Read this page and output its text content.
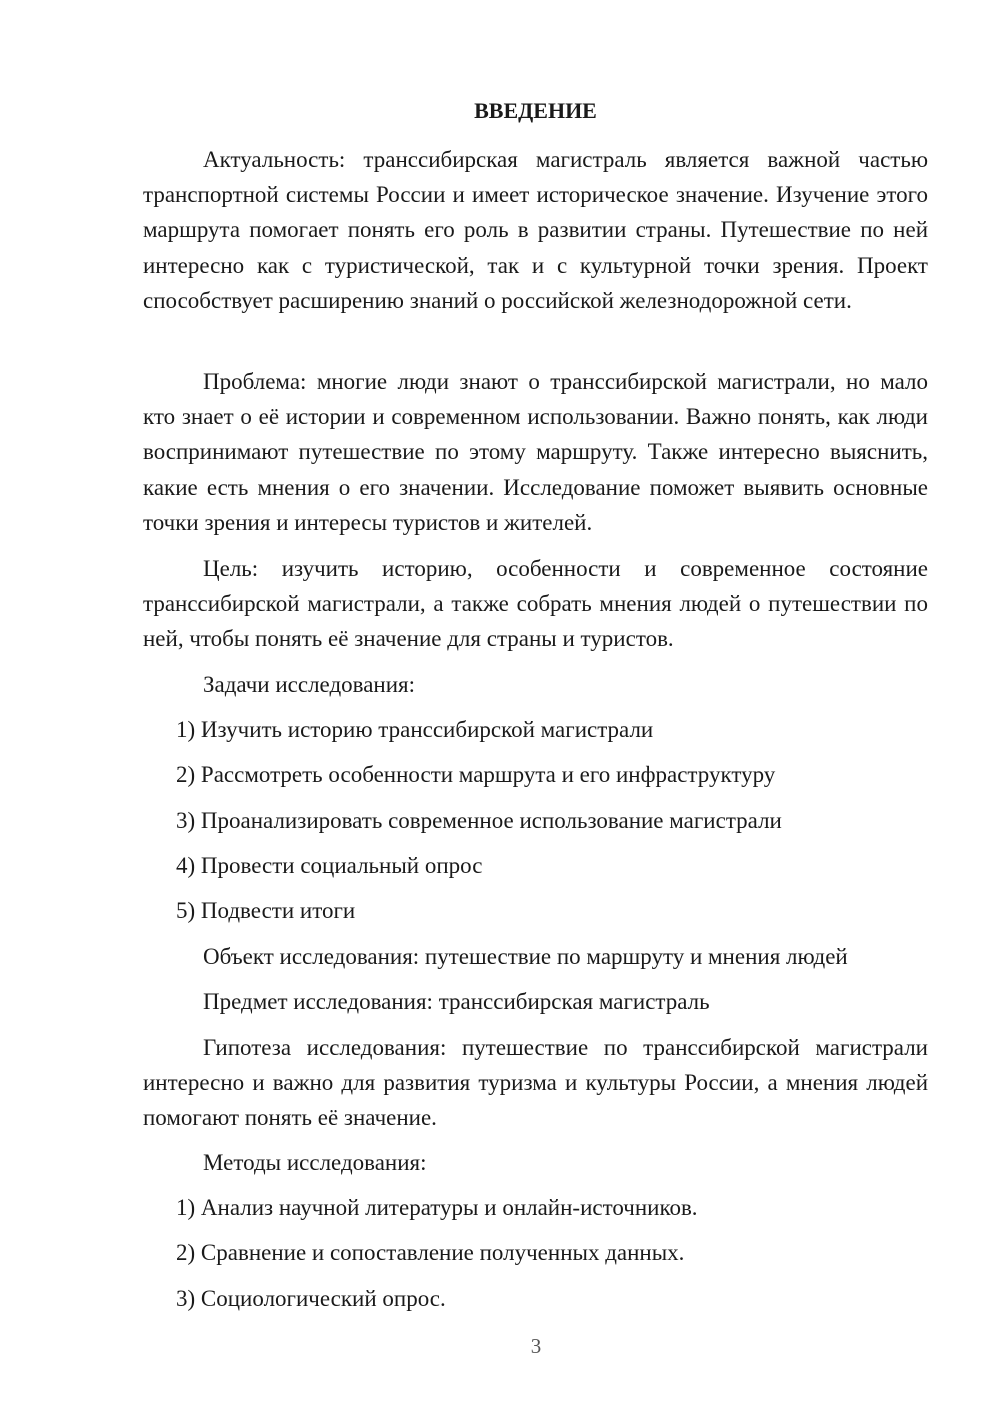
ВВЕДЕНИЕ

Актуальность: транссибирская магистраль является важной частью транспортной системы России и имеет историческое значение. Изучение этого маршрута помогает понять его роль в развитии страны. Путешествие по ней интересно как с туристической, так и с культурной точки зрения. Проект способствует расширению знаний о российской железнодорожной сети.

Проблема: многие люди знают о транссибирской магистрали, но мало кто знает о её истории и современном использовании. Важно понять, как люди воспринимают путешествие по этому маршруту. Также интересно выяснить, какие есть мнения о его значении. Исследование поможет выявить основные точки зрения и интересы туристов и жителей.

Цель: изучить историю, особенности и современное состояние транссибирской магистрали, а также собрать мнения людей о путешествии по ней, чтобы понять её значение для страны и туристов.

Задачи исследования:
1) Изучить историю транссибирской магистрали
2) Рассмотреть особенности маршрута и его инфраструктуру
3) Проанализировать современное использование магистрали
4) Провести социальный опрос
5) Подвести итоги
Объект исследования: путешествие по маршруту и мнения людей
Предмет исследования: транссибирская магистраль

Гипотеза исследования: путешествие по транссибирской магистрали интересно и важно для развития туризма и культуры России, а мнения людей помогают понять её значение.

Методы исследования:
1) Анализ научной литературы и онлайн-источников.
2) Сравнение и сопоставление полученных данных.
3) Социологический опрос.
3
